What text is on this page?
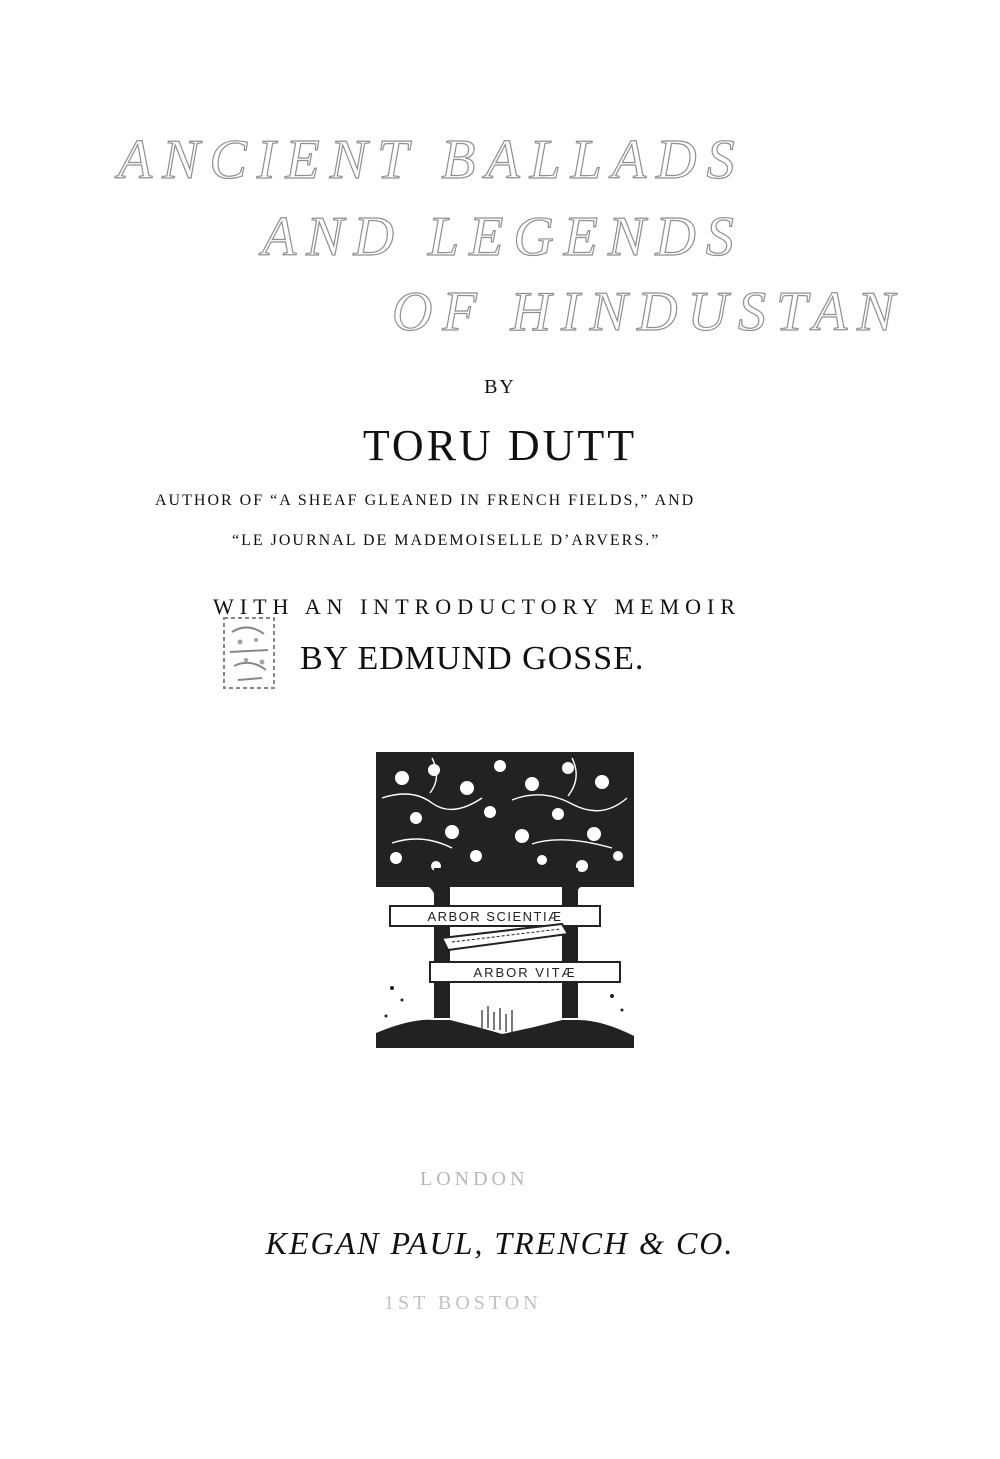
ANCIENT BALLADS
AND LEGENDS
OF HINDUSTAN
BY
TORU DUTT
AUTHOR OF “A SHEAF GLEANED IN FRENCH FIELDS,” AND
“LE JOURNAL DE MADEMOISELLE D’ARVERS.”
WITH AN INTRODUCTORY MEMOIR
BY EDMUND GOSSE.
ARBOR SCIENTIÆ
ARBOR VITÆ
LONDON
KEGAN PAUL, TRENCH & CO.
1ST BOSTON
